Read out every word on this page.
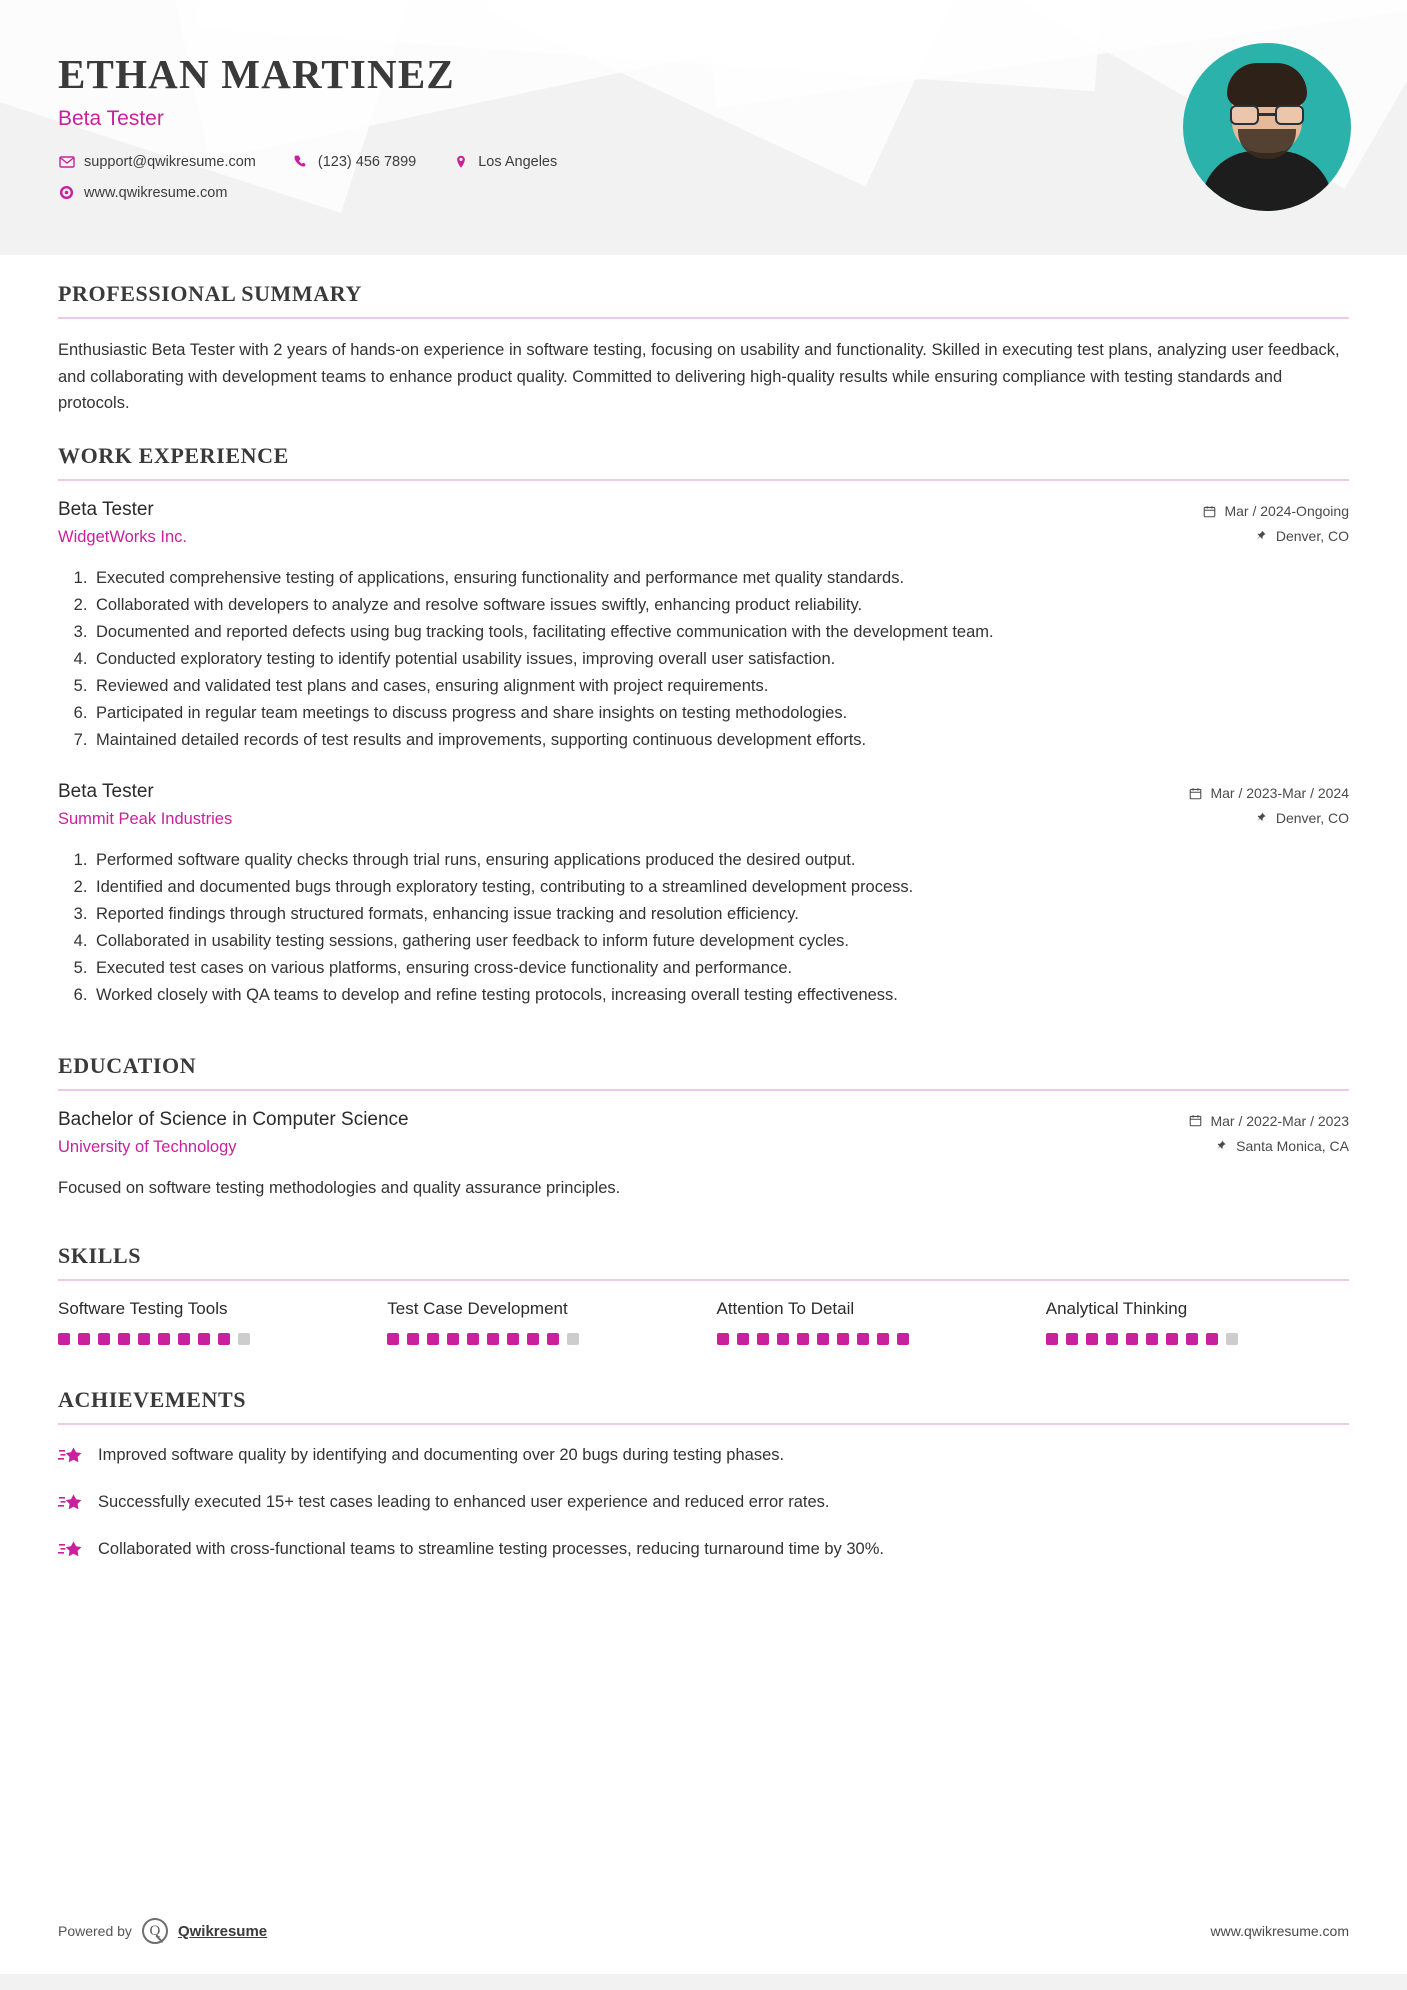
ETHAN MARTINEZ
Beta Tester
support@qwikresume.com	(123) 456 7899	Los Angeles
www.qwikresume.com
PROFESSIONAL SUMMARY

Enthusiastic Beta Tester with 2 years of hands-on experience in software testing, focusing on usability and functionality. Skilled in executing test plans, analyzing user feedback, and collaborating with development teams to enhance product quality. Committed to delivering high-quality results while ensuring compliance with testing standards and protocols.

WORK EXPERIENCE
Beta Tester
WidgetWorks Inc.
Mar / 2024-Ongoing
Denver, CO
1. Executed comprehensive testing of applications, ensuring functionality and performance met quality standards.
2. Collaborated with developers to analyze and resolve software issues swiftly, enhancing product reliability.
3. Documented and reported defects using bug tracking tools, facilitating effective communication with the development team.
4. Conducted exploratory testing to identify potential usability issues, improving overall user satisfaction.
5. Reviewed and validated test plans and cases, ensuring alignment with project requirements.
6. Participated in regular team meetings to discuss progress and share insights on testing methodologies.
7. Maintained detailed records of test results and improvements, supporting continuous development efforts.
Beta Tester
Summit Peak Industries
Mar / 2023-Mar / 2024
Denver, CO
1. Performed software quality checks through trial runs, ensuring applications produced the desired output.
2. Identified and documented bugs through exploratory testing, contributing to a streamlined development process.
3. Reported findings through structured formats, enhancing issue tracking and resolution efficiency.
4. Collaborated in usability testing sessions, gathering user feedback to inform future development cycles.
5. Executed test cases on various platforms, ensuring cross-device functionality and performance.
6. Worked closely with QA teams to develop and refine testing protocols, increasing overall testing effectiveness.
EDUCATION
Bachelor of Science in Computer Science
University of Technology
Mar / 2022-Mar / 2023
Santa Monica, CA

Focused on software testing methodologies and quality assurance principles.

SKILLS
Software Testing Tools	Test Case Development	Attention To Detail	Analytical Thinking
ACHIEVEMENTS
Improved software quality by identifying and documenting over 20 bugs during testing phases.
Successfully executed 15+ test cases leading to enhanced user experience and reduced error rates.
Collaborated with cross-functional teams to streamline testing processes, reducing turnaround time by 30%.
Powered by	Q	Qwikresume	www.qwikresume.com
